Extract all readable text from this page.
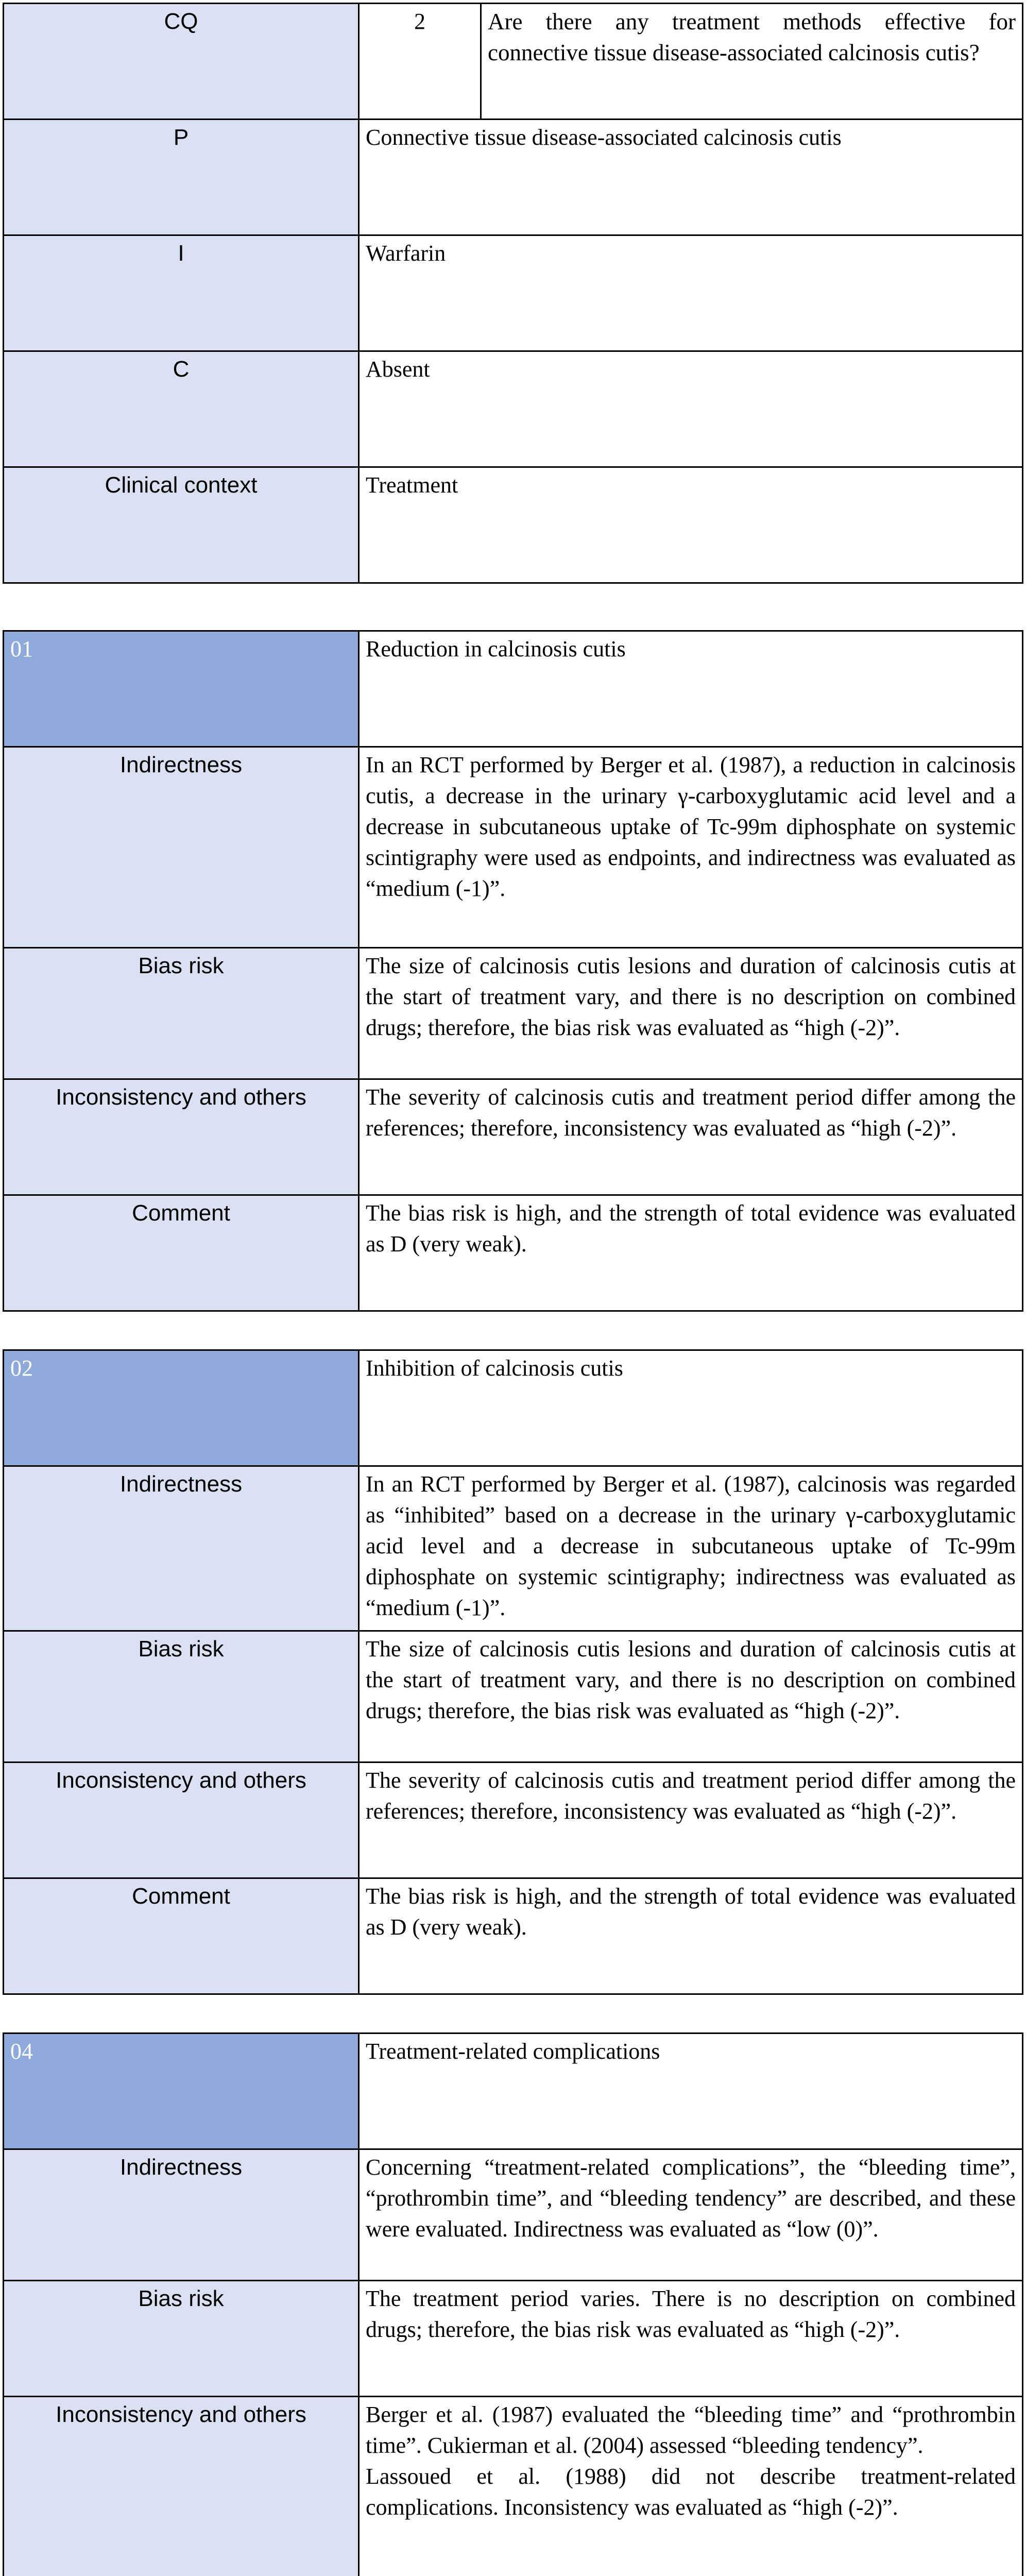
CQ	2	Are there any treatment methods effective for connective tissue disease-associated calcinosis cutis?
P	Connective tissue disease-associated calcinosis cutis	
I	Warfarin	
C	Absent	
Clinical context	Treatment	
01	Reduction in calcinosis cutis
Indirectness	In an RCT performed by Berger et al. (1987), a reduction in calcinosis cutis, a decrease in the urinary γ-carboxyglutamic acid level and a decrease in subcutaneous uptake of Tc-99m diphosphate on systemic scintigraphy were used as endpoints, and indirectness was evaluated as “medium (-1)”.
Bias risk	The size of calcinosis cutis lesions and duration of calcinosis cutis at the start of treatment vary, and there is no description on combined drugs; therefore, the bias risk was evaluated as “high (-2)”.
Inconsistency and others	The severity of calcinosis cutis and treatment period differ among the references; therefore, inconsistency was evaluated as “high (-2)”.
Comment	The bias risk is high, and the strength of total evidence was evaluated as D (very weak).
02	Inhibition of calcinosis cutis
Indirectness	In an RCT performed by Berger et al. (1987), calcinosis was regarded as “inhibited” based on a decrease in the urinary γ-carboxyglutamic acid level and a decrease in subcutaneous uptake of Tc-99m diphosphate on systemic scintigraphy; indirectness was evaluated as “medium (-1)”.
Bias risk	The size of calcinosis cutis lesions and duration of calcinosis cutis at the start of treatment vary, and there is no description on combined drugs; therefore, the bias risk was evaluated as “high (-2)”.
Inconsistency and others	The severity of calcinosis cutis and treatment period differ among the references; therefore, inconsistency was evaluated as “high (-2)”.
Comment	The bias risk is high, and the strength of total evidence was evaluated as D (very weak).
04	Treatment-related complications
Indirectness	Concerning “treatment-related complications”, the “bleeding time”, “prothrombin time”, and “bleeding tendency” are described, and these were evaluated. Indirectness was evaluated as “low (0)”.
Bias risk	The treatment period varies. There is no description on combined drugs; therefore, the bias risk was evaluated as “high (-2)”.
Inconsistency and others	Berger et al. (1987) evaluated the “bleeding time” and “prothrombin time”. Cukierman et al. (2004) assessed “bleeding tendency”.
Lassoued et al. (1988) did not describe treatment-related complications. Inconsistency was evaluated as “high (-2)”.
